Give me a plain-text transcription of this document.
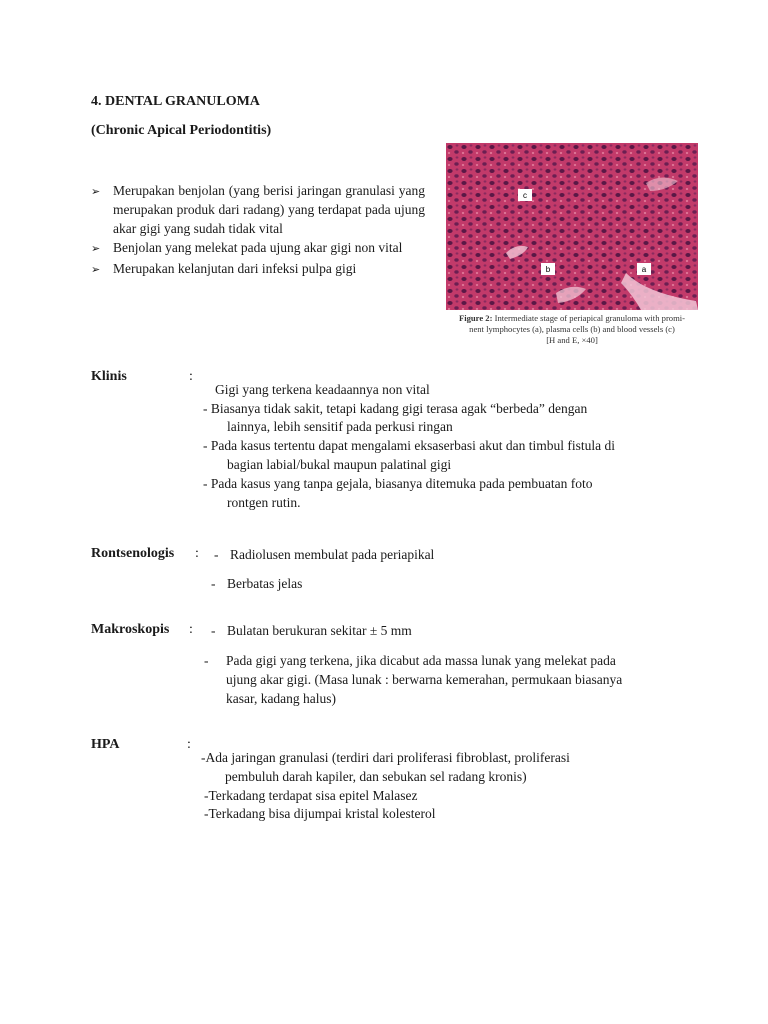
4. DENTAL GRANULOMA
(Chronic Apical Periodontitis)
➢ Merupakan benjolan (yang berisi jaringan granulasi yang merupakan produk dari radang) yang terdapat pada ujung akar gigi yang sudah tidak vital
➢ Benjolan yang melekat pada ujung akar gigi non vital
➢ Merupakan kelanjutan dari infeksi pulpa gigi
c
b	a
Figure 2: Intermediate stage of periapical granuloma with promi-
nent lymphocytes (a), plasma cells (b) and blood vessels (c)
[H and E, ×40]
Klinis	:
Gigi yang terkena keadaannya non vital
- Biasanya tidak sakit, tetapi kadang gigi terasa agak “berbeda” dengan
lainnya, lebih sensitif pada perkusi ringan
- Pada kasus tertentu dapat mengalami eksaserbasi akut dan timbul fistula di
bagian labial/bukal maupun palatinal gigi
- Pada kasus yang tanpa gejala, biasanya ditemuka pada pembuatan foto
rontgen rutin.
Rontsenologis : - Radiolusen membulat pada periapikal
- Berbatas jelas
Makroskopis : - Bulatan berukuran sekitar ± 5 mm
- Pada gigi yang terkena, jika dicabut ada massa lunak yang melekat pada
ujung akar gigi. (Masa lunak : berwarna kemerahan, permukaan biasanya
kasar, kadang halus)
HPA	:
-Ada jaringan granulasi (terdiri dari proliferasi fibroblast, proliferasi
pembuluh darah kapiler, dan sebukan sel radang kronis)
-Terkadang terdapat sisa epitel Malasez
-Terkadang bisa dijumpai kristal kolesterol
